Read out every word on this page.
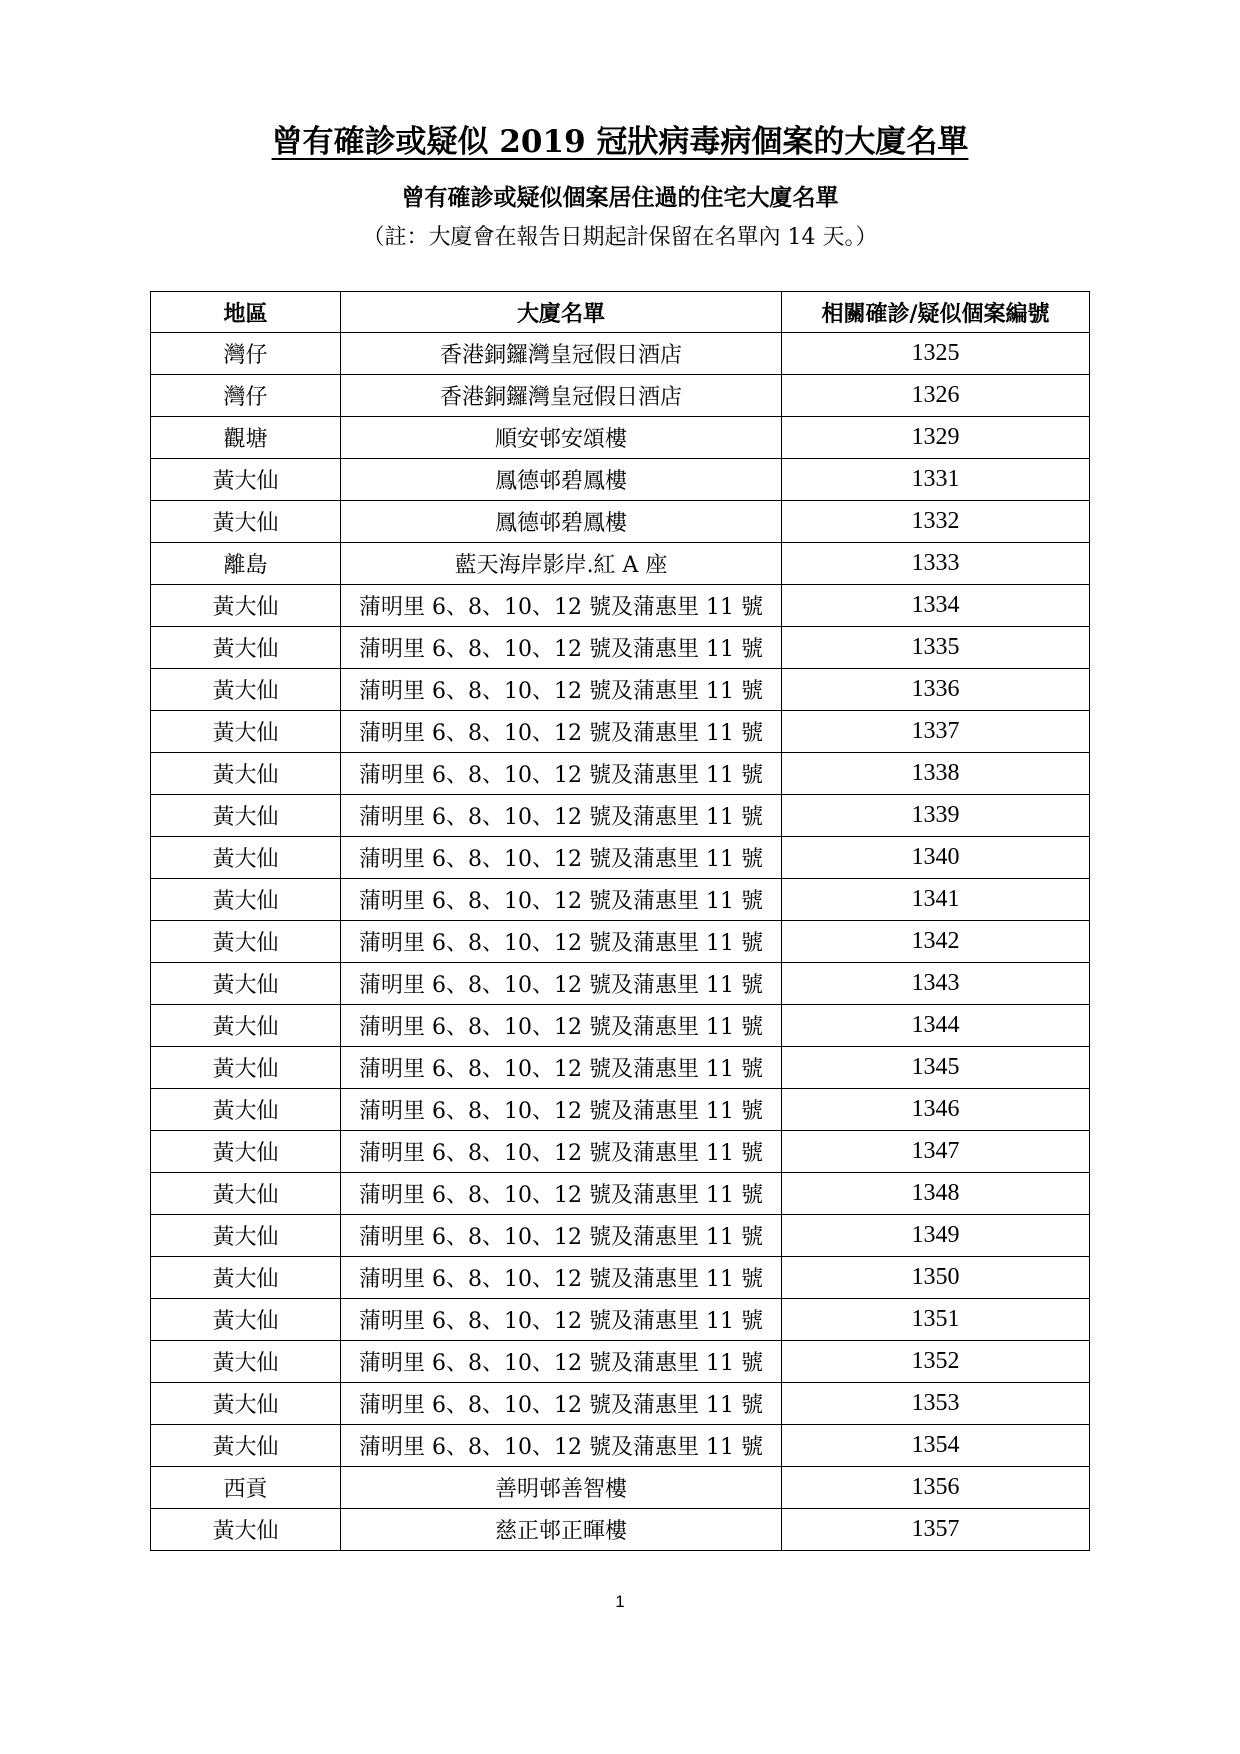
曾有確診或疑似 2019 冠狀病毒病個案的大廈名單
曾有確診或疑似個案居住過的住宅大廈名單
（註：大廈會在報告日期起計保留在名單內 14 天。）
地區	大廈名單	相關確診/疑似個案編號
灣仔	香港銅鑼灣皇冠假日酒店	1325
灣仔	香港銅鑼灣皇冠假日酒店	1326
觀塘	順安邨安頌樓	1329
黃大仙	鳳德邨碧鳳樓	1331
黃大仙	鳳德邨碧鳳樓	1332
離島	藍天海岸影岸.紅 A 座	1333
黃大仙	蒲明里 6、8、10、12 號及蒲惠里 11 號	1334
黃大仙	蒲明里 6、8、10、12 號及蒲惠里 11 號	1335
黃大仙	蒲明里 6、8、10、12 號及蒲惠里 11 號	1336
黃大仙	蒲明里 6、8、10、12 號及蒲惠里 11 號	1337
黃大仙	蒲明里 6、8、10、12 號及蒲惠里 11 號	1338
黃大仙	蒲明里 6、8、10、12 號及蒲惠里 11 號	1339
黃大仙	蒲明里 6、8、10、12 號及蒲惠里 11 號	1340
黃大仙	蒲明里 6、8、10、12 號及蒲惠里 11 號	1341
黃大仙	蒲明里 6、8、10、12 號及蒲惠里 11 號	1342
黃大仙	蒲明里 6、8、10、12 號及蒲惠里 11 號	1343
黃大仙	蒲明里 6、8、10、12 號及蒲惠里 11 號	1344
黃大仙	蒲明里 6、8、10、12 號及蒲惠里 11 號	1345
黃大仙	蒲明里 6、8、10、12 號及蒲惠里 11 號	1346
黃大仙	蒲明里 6、8、10、12 號及蒲惠里 11 號	1347
黃大仙	蒲明里 6、8、10、12 號及蒲惠里 11 號	1348
黃大仙	蒲明里 6、8、10、12 號及蒲惠里 11 號	1349
黃大仙	蒲明里 6、8、10、12 號及蒲惠里 11 號	1350
黃大仙	蒲明里 6、8、10、12 號及蒲惠里 11 號	1351
黃大仙	蒲明里 6、8、10、12 號及蒲惠里 11 號	1352
黃大仙	蒲明里 6、8、10、12 號及蒲惠里 11 號	1353
黃大仙	蒲明里 6、8、10、12 號及蒲惠里 11 號	1354
西貢	善明邨善智樓	1356
黃大仙	慈正邨正暉樓	1357
1
